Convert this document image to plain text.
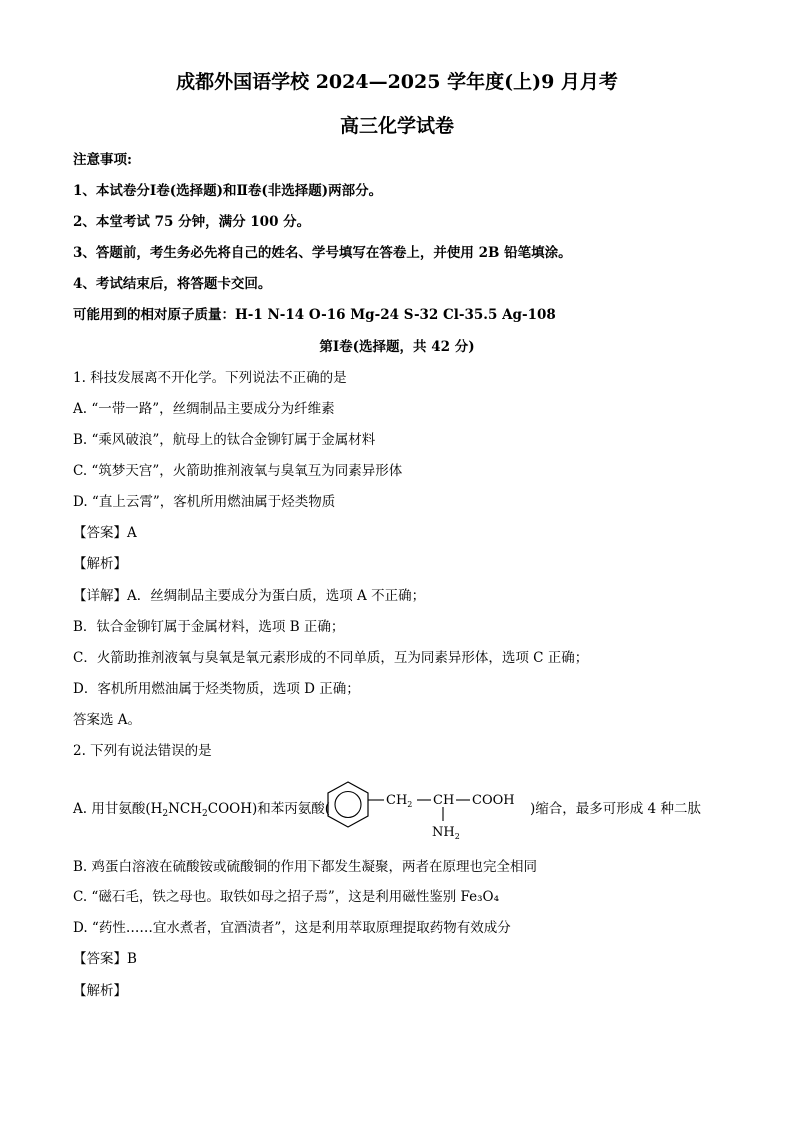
成都外国语学校 2024—2025 学年度(上)9 月月考
高三化学试卷
注意事项:
1、本试卷分Ⅰ卷(选择题)和Ⅱ卷(非选择题)两部分。
2、本堂考试 75 分钟，满分 100 分。
3、答题前，考生务必先将自己的姓名、学号填写在答卷上，并使用 2B 铅笔填涂。
4、考试结束后，将答题卡交回。
可能用到的相对原子质量：H-1 N-14 O-16 Mg-24 S-32 Cl-35.5 Ag-108
第Ⅰ卷(选择题，共 42 分)
1. 科技发展离不开化学。下列说法不正确的是
A. “一带一路”，丝绸制品主要成分为纤维素
B. “乘风破浪”，航母上的钛合金铆钉属于金属材料
C. “筑梦天宫”，火箭助推剂液氧与臭氧互为同素异形体
D. “直上云霄”，客机所用燃油属于烃类物质
【答案】A
【解析】
【详解】A．丝绸制品主要成分为蛋白质，选项 A 不正确；
B．钛合金铆钉属于金属材料，选项 B 正确；
C．火箭助推剂液氧与臭氧是氧元素形成的不同单质，互为同素异形体，选项 C 正确；
D．客机所用燃油属于烃类物质，选项 D 正确；
答案选 A。
2. 下列有说法错误的是
A. 用甘氨酸$(H_2NCH_2COOH)$和苯丙氨酸(
$CH_2$ CH COOH
$NH_2$
)缩合，最多可形成 4 种二肽
B. 鸡蛋白溶液在硫酸铵或硫酸铜的作用下都发生凝聚，两者在原理也完全相同
C. “磁石毛，铁之母也。取铁如母之招子焉”，这是利用磁性鉴别 Fe₃O₄
D. “药性……宜水煮者，宜酒渍者”，这是利用萃取原理提取药物有效成分
【答案】B
【解析】
